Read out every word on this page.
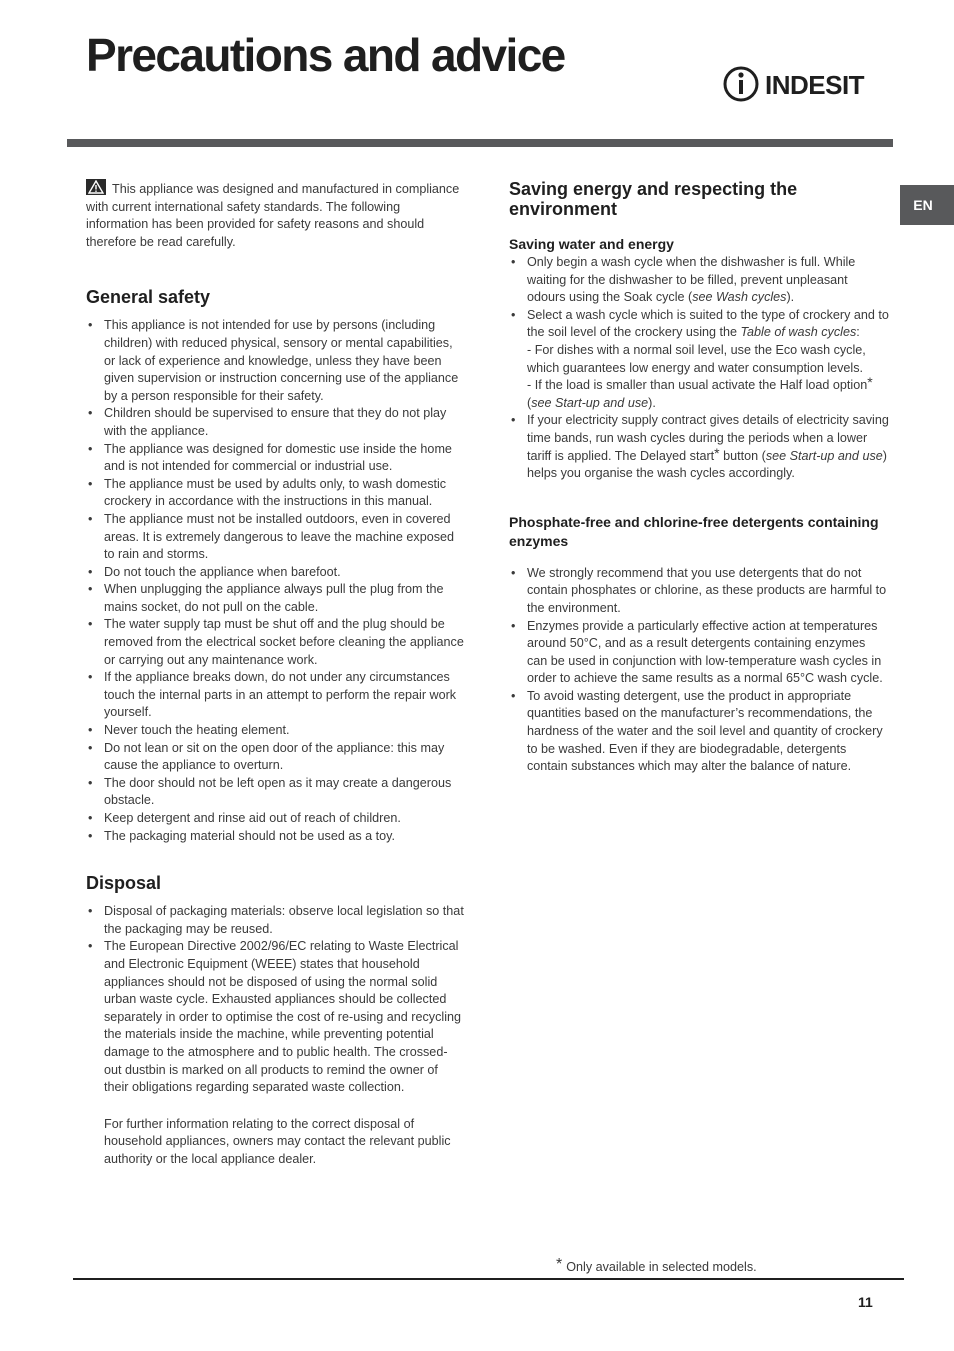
Precautions and advice
INDESIT
EN

This appliance was designed and manufactured in compliance with current international safety standards. The following information has been provided for safety reasons and should therefore be read carefully.

General safety
• This appliance is not intended for use by persons (including children) with reduced physical, sensory or mental capabilities, or lack of experience and knowledge, unless they have been given supervision or instruction concerning use of the appliance by a person responsible for their safety.
• Children should be supervised to ensure that they do not play with the appliance.
• The appliance was designed for domestic use inside the home and is not intended for commercial or industrial use.
• The appliance must be used by adults only, to wash domestic crockery in accordance with the instructions in this manual.
• The appliance must not be installed outdoors, even in covered areas. It is extremely dangerous to leave the machine exposed to rain and storms.
• Do not touch the appliance when barefoot.
• When unplugging the appliance always pull the plug from the mains socket, do not pull on the cable.
• The water supply tap must be shut off and the plug should be removed from the electrical socket before cleaning the appliance or carrying out any maintenance work.
• If the appliance breaks down, do not under any circumstances touch the internal parts in an attempt to perform the repair work yourself.
• Never touch the heating element.
• Do not lean or sit on the open door of the appliance: this may cause the appliance to overturn.
• The door should not be left open as it may create a dangerous obstacle.
• Keep detergent and rinse aid out of reach of children.
• The packaging material should not be used as a toy.
Disposal
• Disposal of packaging materials: observe local legislation so that the packaging may be reused.
• The European Directive 2002/96/EC relating to Waste Electrical and Electronic Equipment (WEEE) states that household appliances should not be disposed of using the normal solid urban waste cycle. Exhausted appliances should be collected separately in order to optimise the cost of re-using and recycling the materials inside the machine, while preventing potential damage to the atmosphere and to public health. The crossed-out dustbin is marked on all products to remind the owner of their obligations regarding separated waste collection.

For further information relating to the correct disposal of household appliances, owners may contact the relevant public authority or the local appliance dealer.

Saving energy and respecting the environment
Saving water and energy
• Only begin a wash cycle when the dishwasher is full. While waiting for the dishwasher to be filled, prevent unpleasant odours using the Soak cycle (see Wash cycles).
• Select a wash cycle which is suited to the type of crockery and to the soil level of the crockery using the Table of wash cycles:
- For dishes with a normal soil level, use the Eco wash cycle, which guarantees low energy and water consumption levels.
- If the load is smaller than usual activate the Half load option* (see Start-up and use).
• If your electricity supply contract gives details of electricity saving time bands, run wash cycles during the periods when a lower tariff is applied. The Delayed start* button (see Start-up and use) helps you organise the wash cycles accordingly.
Phosphate-free and chlorine-free detergents containing enzymes
• We strongly recommend that you use detergents that do not contain phosphates or chlorine, as these products are harmful to the environment.
• Enzymes provide a particularly effective action at temperatures around 50°C, and as a result detergents containing enzymes can be used in conjunction with low-temperature wash cycles in order to achieve the same results as a normal 65°C wash cycle.
• To avoid wasting detergent, use the product in appropriate quantities based on the manufacturer’s recommendations, the hardness of the water and the soil level and quantity of crockery to be washed. Even if they are biodegradable, detergents contain substances which may alter the balance of nature.
* Only available in selected models.
11
